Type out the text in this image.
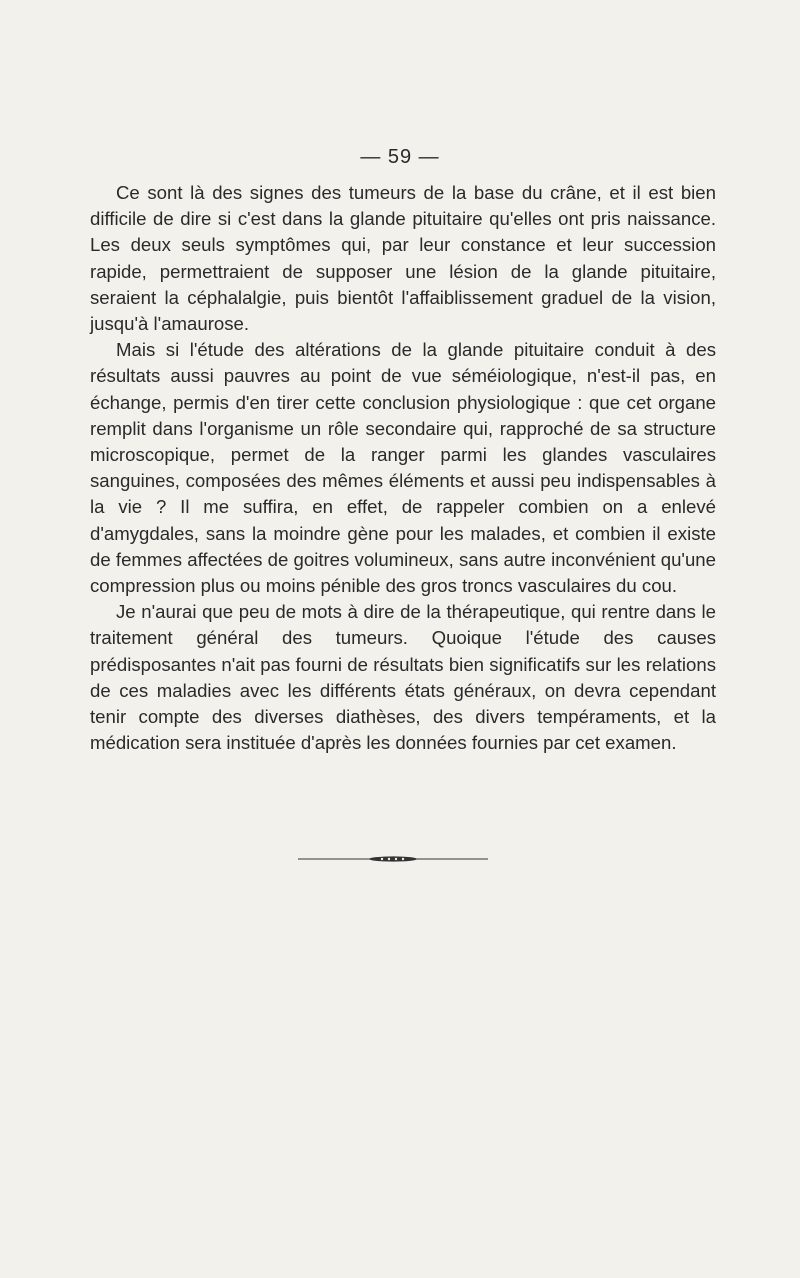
— 59 —

Ce sont là des signes des tumeurs de la base du crâne, et il est bien difficile de dire si c'est dans la glande pituitaire qu'elles ont pris naissance. Les deux seuls symptômes qui, par leur constance et leur succession rapide, permettraient de supposer une lésion de la glande pituitaire, seraient la céphalalgie, puis bientôt l'affaiblissement graduel de la vision, jusqu'à l'amaurose.

Mais si l'étude des altérations de la glande pituitaire conduit à des résultats aussi pauvres au point de vue séméiologique, n'est-il pas, en échange, permis d'en tirer cette conclusion physiologique : que cet organe remplit dans l'organisme un rôle secondaire qui, rapproché de sa structure microscopique, permet de la ranger parmi les glandes vasculaires sanguines, composées des mêmes éléments et aussi peu indispensables à la vie ? Il me suffira, en effet, de rappeler combien on a enlevé d'amygdales, sans la moindre gène pour les malades, et combien il existe de femmes affectées de goitres volumineux, sans autre inconvénient qu'une compression plus ou moins pénible des gros troncs vasculaires du cou.

Je n'aurai que peu de mots à dire de la thérapeutique, qui rentre dans le traitement général des tumeurs. Quoique l'étude des causes prédisposantes n'ait pas fourni de résultats bien significatifs sur les relations de ces maladies avec les différents états généraux, on devra cependant tenir compte des diverses diathèses, des divers tempéraments, et la médication sera instituée d'après les données fournies par cet examen.
